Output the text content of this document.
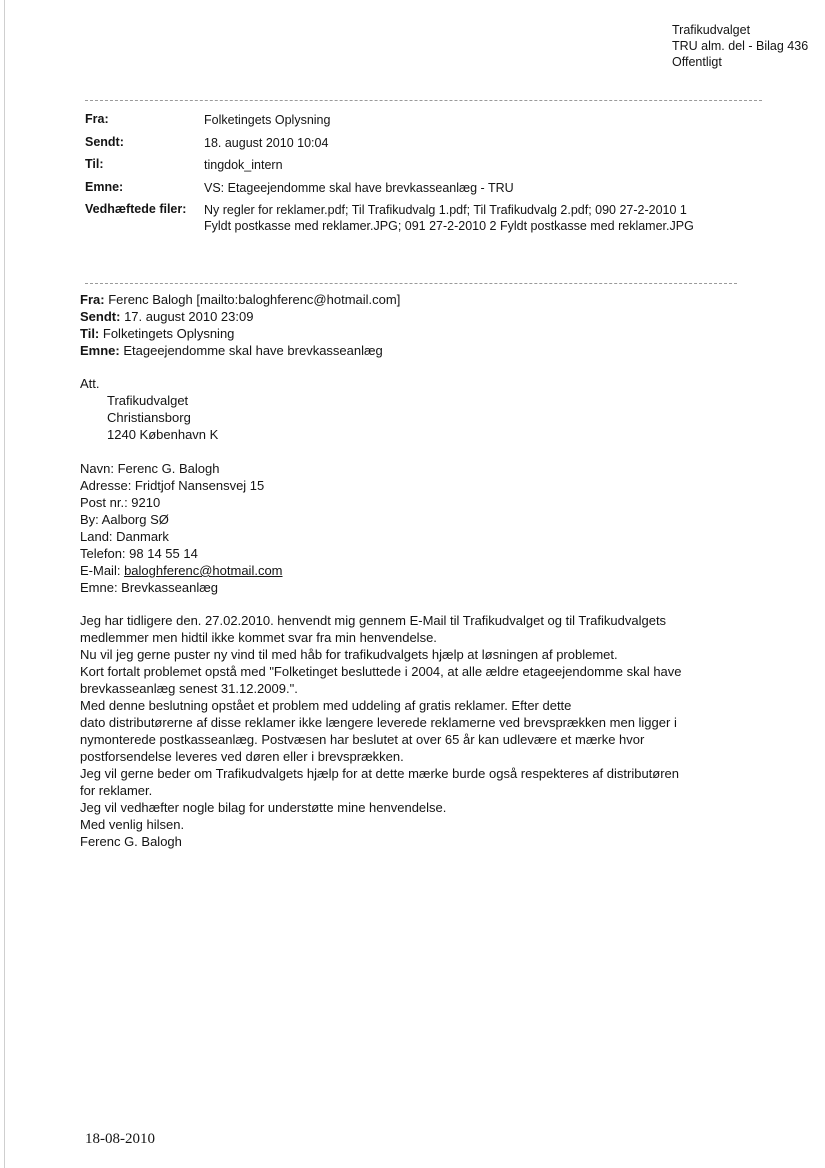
Trafikudvalget
TRU alm. del - Bilag 436
Offentligt
Fra:	Folketingets Oplysning
Sendt:	18. august 2010 10:04
Til:	tingdok_intern
Emne:	VS: Etageejendomme skal have brevkasseanlæg - TRU
Vedhæftede filer: Ny regler for reklamer.pdf; Til Trafikudvalg 1.pdf; Til Trafikudvalg 2.pdf; 090 27-2-2010 1
Fyldt postkasse med reklamer.JPG; 091 27-2-2010 2 Fyldt postkasse med reklamer.JPG
Fra: Ferenc Balogh [mailto:baloghferenc@hotmail.com]
Sendt: 17. august 2010 23:09
Til: Folketingets Oplysning
Emne: Etageejendomme skal have brevkasseanlæg
Att.
Trafikudvalget
Christiansborg
1240 København K
Navn: Ferenc G. Balogh
Adresse: Fridtjof Nansensvej 15
Post nr.: 9210
By: Aalborg SØ
Land: Danmark
Telefon: 98 14 55 14
E-Mail: baloghferenc@hotmail.com
Emne: Brevkasseanlæg
Jeg har tidligere den. 27.02.2010. henvendt mig gennem E-Mail til Trafikudvalget og til Trafikudvalgets
medlemmer men hidtil ikke kommet svar fra min henvendelse.
Nu vil jeg gerne puster ny vind til med håb for trafikudvalgets hjælp at løsningen af problemet.
Kort fortalt problemet opstå med "Folketinget besluttede i 2004, at alle ældre etageejendomme skal have
brevkasseanlæg senest 31.12.2009.".
Med denne beslutning opstået et problem med uddeling af gratis reklamer. Efter dette
dato distributørerne af disse reklamer ikke længere leverede reklamerne ved brevsprækken men ligger i
nymonterede postkasseanlæg. Postvæsen har beslutet at over 65 år kan udlevære et mærke hvor
postforsendelse leveres ved døren eller i brevsprækken.
Jeg vil gerne beder om Trafikudvalgets hjælp for at dette mærke burde også respekteres af distributøren
for reklamer.
Jeg vil vedhæfter nogle bilag for understøtte mine henvendelse.
Med venlig hilsen.
Ferenc G. Balogh
18-08-2010
